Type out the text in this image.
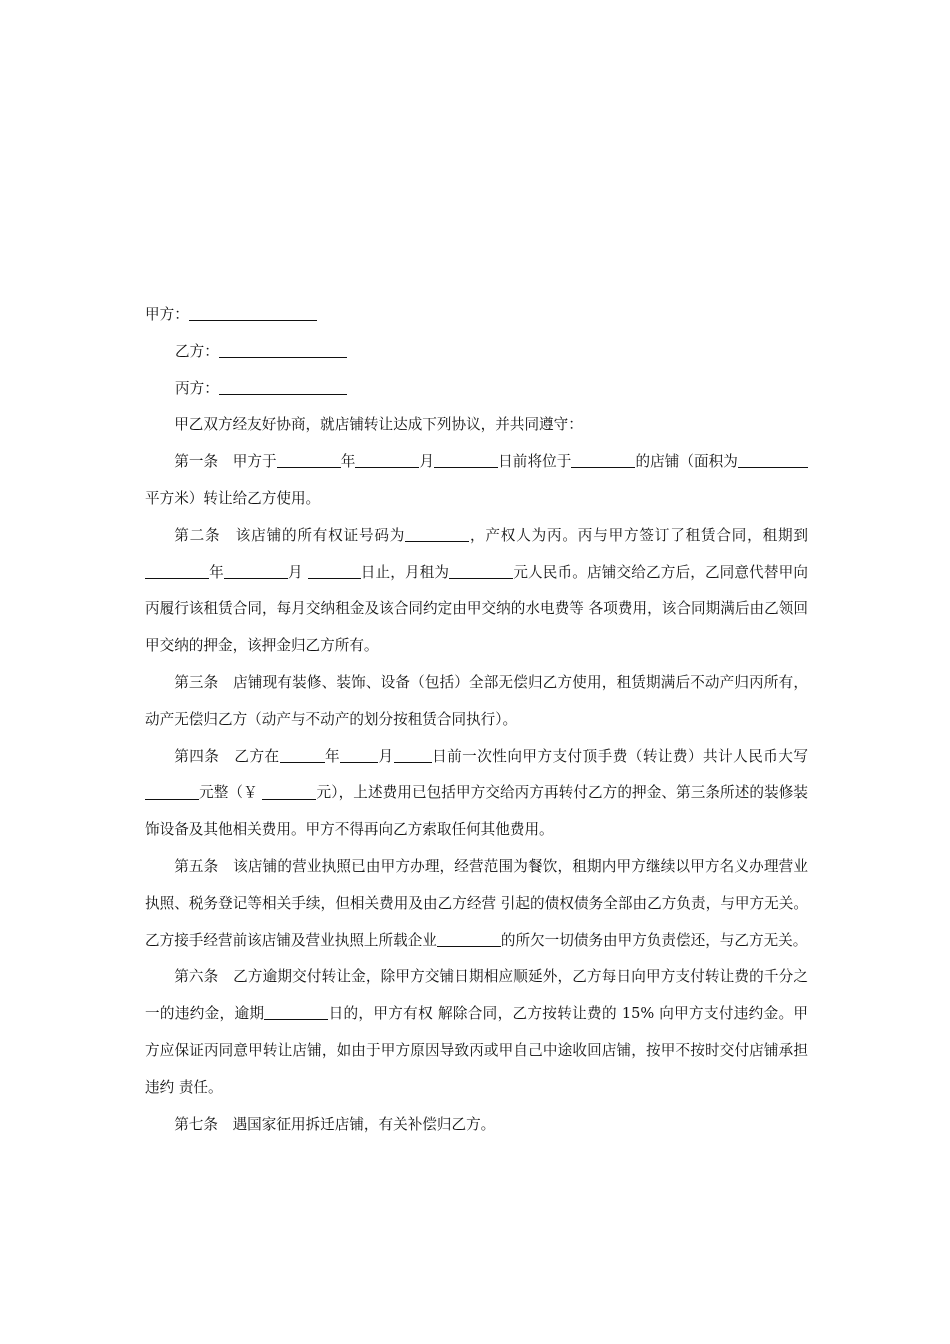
甲方：

乙方：

丙方：

甲乙双方经友好协商，就店铺转让达成下列协议，并共同遵守：

第一条　甲方于	年	月	日前将位于	的店铺（面积为平方米）转让给乙方使用。

第二条　该店铺的所有权证号码为	，产权人为丙。丙与甲方签订了租赁合同，租期到年	月	日止，月租为	元人民币。店铺交给乙方后，乙同意代替甲向丙履行该租赁合同，每月交纳租金及该合同约定由甲交纳的水电费等 各项费用，该合同期满后由乙领回甲交纳的押金，该押金归乙方所有。

第三条　店铺现有装修、装饰、设备（包括）全部无偿归乙方使用，租赁期满后不动产归丙所有，动产无偿归乙方（动产与不动产的划分按租赁合同执行）。

第四条　乙方在	年	月	日前一次性向甲方支付顶手费（转让费）共计人民币大写元整（￥	元），上述费用已包括甲方交给丙方再转付乙方的押金、第三条所述的装修装饰设备及其他相关费用。甲方不得再向乙方索取任何其他费用。

第五条　该店铺的营业执照已由甲方办理，经营范围为餐饮，租期内甲方继续以甲方名义办理营业执照、税务登记等相关手续，但相关费用及由乙方经营 引起的债权债务全部由乙方负责，与甲方无关。乙方接手经营前该店铺及营业执照上所载企业	的所欠一切债务由甲方负责偿还，与乙方无关。

第六条　乙方逾期交付转让金，除甲方交铺日期相应顺延外，乙方每日向甲方支付转让费的千分之一的违约金，逾期	日的，甲方有权 解除合同，乙方按转让费的 15% 向甲方支付违约金。甲方应保证丙同意甲转让店铺，如由于甲方原因导致丙或甲自己中途收回店铺，按甲不按时交付店铺承担违约 责任。

第七条　遇国家征用拆迁店铺，有关补偿归乙方。
